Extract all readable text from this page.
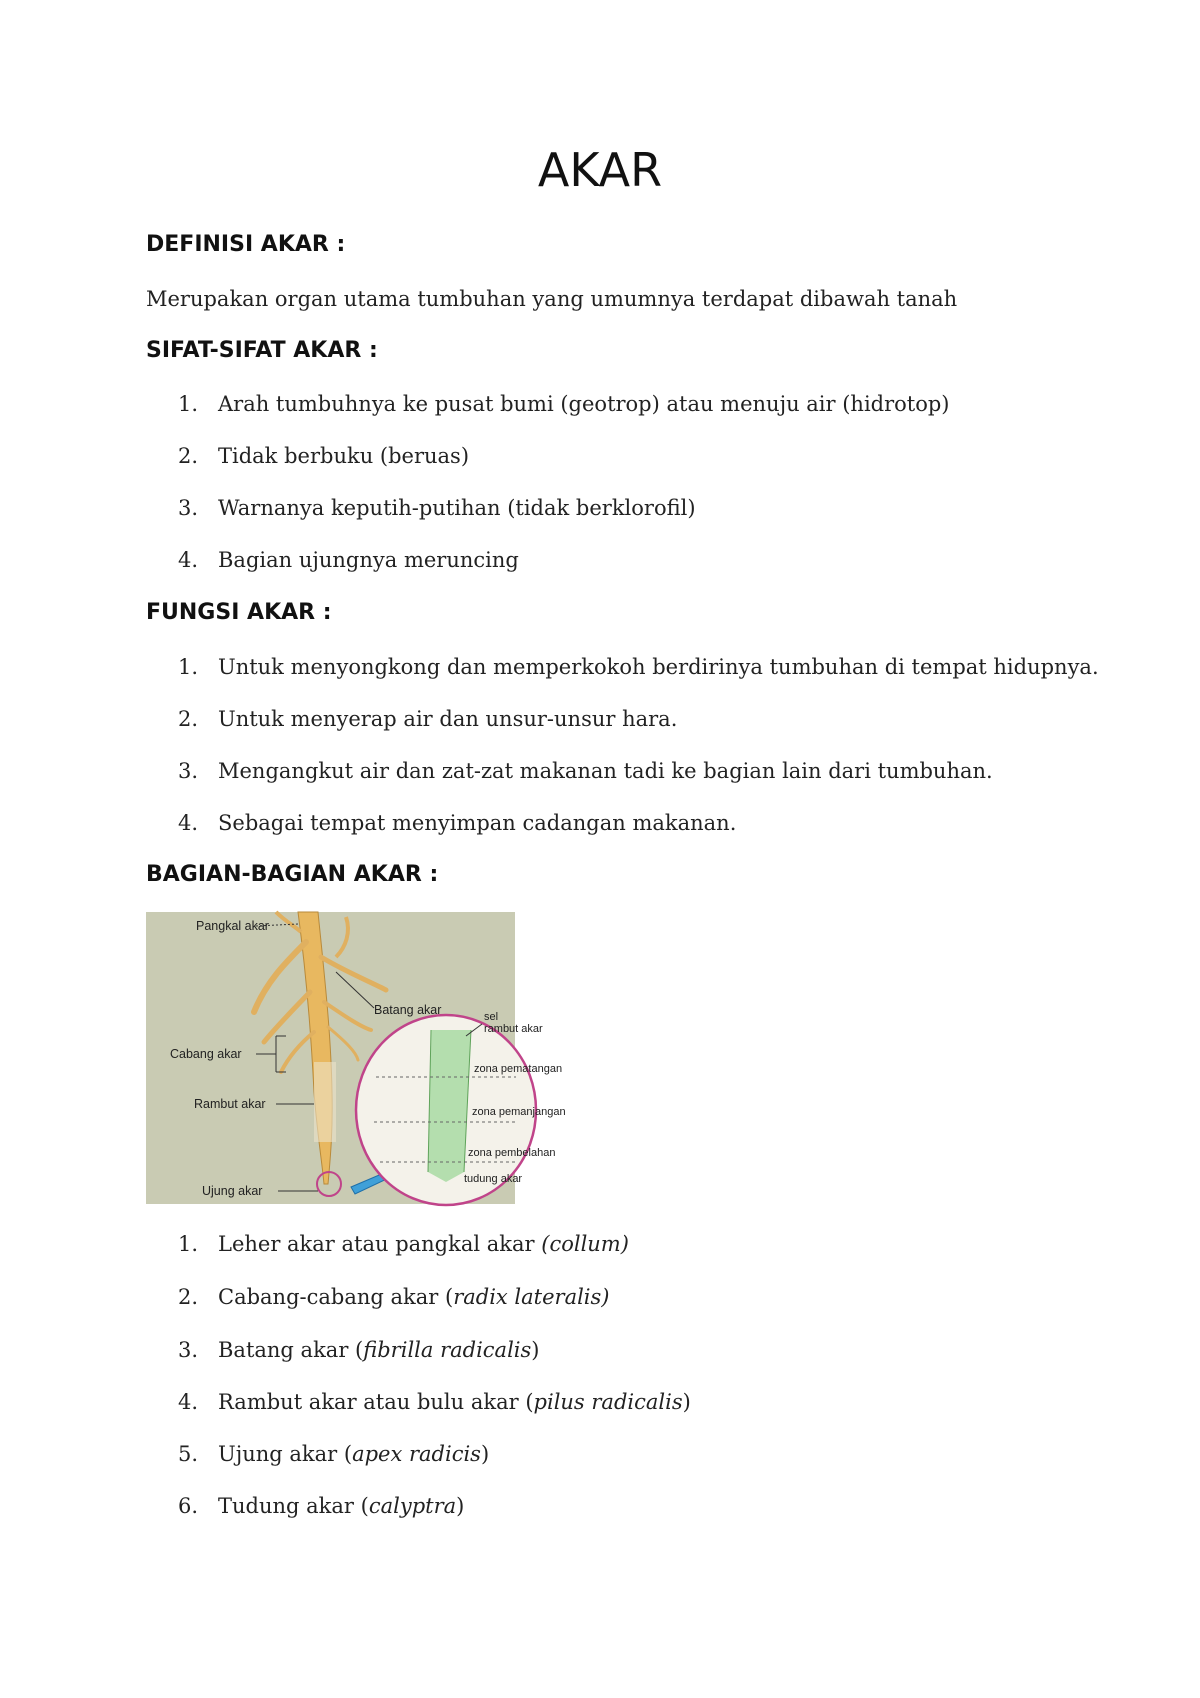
AKAR
DEFINISI AKAR :
Merupakan organ utama tumbuhan yang umumnya terdapat dibawah tanah
SIFAT-SIFAT AKAR :
1. Arah tumbuhnya ke pusat bumi (geotrop) atau menuju air (hidrotop)
2. Tidak berbuku (beruas)
3. Warnanya keputih-putihan (tidak berklorofil)
4. Bagian ujungnya meruncing
FUNGSI AKAR :
1. Untuk menyongkong dan memperkokoh berdirinya tumbuhan di tempat hidupnya.
2. Untuk menyerap air dan unsur-unsur hara.
3. Mengangkut air dan zat-zat makanan tadi ke bagian lain dari tumbuhan.
4. Sebagai tempat menyimpan cadangan makanan.
BAGIAN-BAGIAN AKAR :
Pangkal akar
Batang akar
Cabang akar
Rambut akar
Ujung akar
sel
rambut akar
zona pematangan
zona pemanjangan
zona pembelahan
tudung akar
1. Leher akar atau pangkal akar (collum)
2. Cabang-cabang akar (radix lateralis)
3. Batang akar (fibrilla radicalis)
4. Rambut akar atau bulu akar (pilus radicalis)
5. Ujung akar (apex radicis)
6. Tudung akar (calyptra)
